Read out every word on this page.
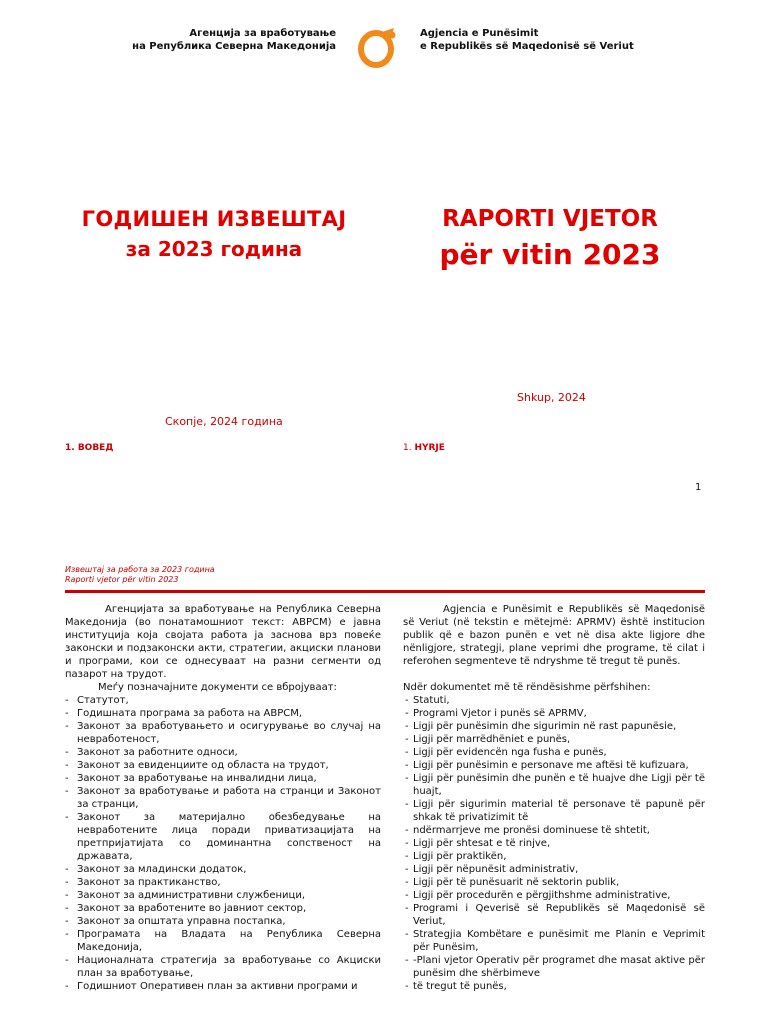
Агенција за вработување
на Република Северна Македонија
Agjencia e Punësimit
e Republikës së Maqedonisë së Veriut
ГОДИШЕН ИЗВЕШТАЈ
за 2023 година
RAPORTI VJETOR
për vitin 2023
Shkup, 2024
Скопје, 2024 година
1. ВОВЕД	1. HYRJE
1
Извештај за работа за 2023 година
Raporti vjetor për vitin 2023

Агенцијата за вработување на Република Северна Македонија (во понатамошниот текст: АВРСМ) е јавна институција која својата работа ја заснова врз повеќе законски и подзаконски акти, стратегии, акциски планови и програми, кои се однесуваат на разни сегменти од пазарот на трудот.

Меѓу позначајните документи се вбројуваат:

- Статутот,
- Годишната програма за работа на АВРСМ,
- Законот за вработувањето и осигурување во случај на невработеност,
- Законот за работните односи,
- Законот за евиденциите од областа на трудот,
- Законот за вработување на инвалидни лица,
- Законот за вработување и работа на странци и Законот за странци,
- Законот за материјално обезбедување на невработените лица поради приватизацијата на претпријатијата со доминантна сопственост на државата,
- Законот за младински додаток,
- Законот за практиканство,
- Законот за административни службеници,
- Законот за вработените во јавниот сектор,
- Законот за општата управна постапка,
- Програмата на Владата на Република Северна Македонија,
- Националната стратегија за вработување со Акциски план за вработување,
- Годишниот Оперативен план за активни програми и

Agjencia e Punësimit e Republikës së Maqedonisë së Veriut (në tekstin e mëtejmë: APRMV) është institucion publik që e bazon punën e vet në disa akte ligjore dhe nënligjore, strategji, plane veprimi dhe programe, të cilat i referohen segmenteve të ndryshme të tregut të punës.

Ndër dokumentet më të rëndësishme përfshihen:

- Statuti,
- Programi Vjetor i punës së APRMV,
- Ligji për punësimin dhe sigurimin në rast papunësie,
- Ligji për marrëdhëniet e punës,
- Ligji për evidencën nga fusha e punës,
- Ligji për punësimin e personave me aftësi të kufizuara,
- Ligji për punësimin dhe punën e të huajve dhe Ligji për të huajt,
- Ligji për sigurimin material të personave të papunë për shkak të privatizimit të
- ndërmarrjeve me pronësi dominuese të shtetit,
- Ligji për shtesat e të rinjve,
- Ligji për praktikën,
- Ligji për nëpunësit administrativ,
- Ligji për të punësuarit në sektorin publik,
- Ligji për procedurën e përgjithshme administrative,
- Programi i Qeverisë së Republikës së Maqedonisë së Veriut,
- Strategjia Kombëtare e punësimit me Planin e Veprimit për Punësim,
- -Plani vjetor Operativ për programet dhe masat aktive për punësim dhe shërbimeve
- të tregut të punës,
